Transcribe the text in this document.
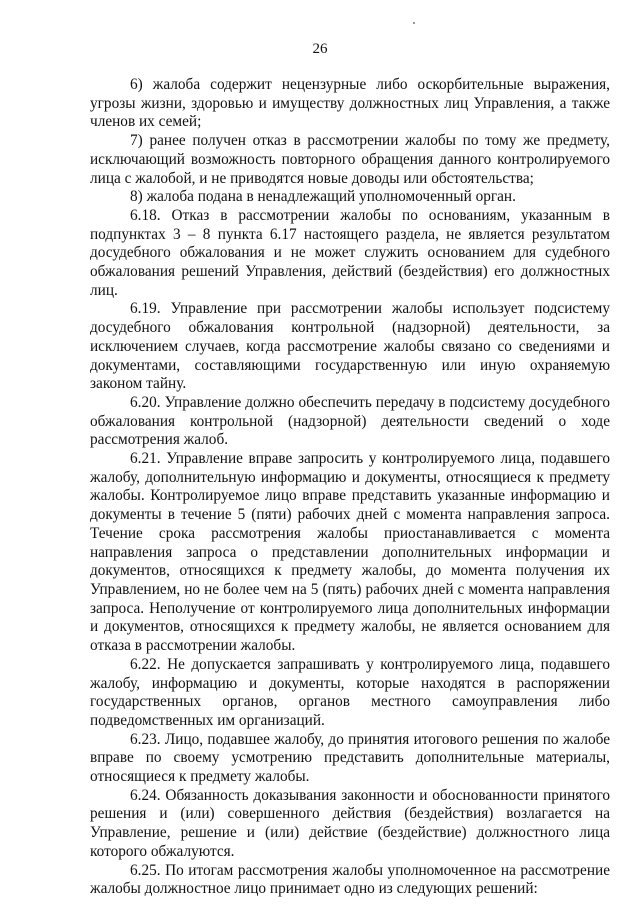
26

6) жалоба содержит нецензурные либо оскорбительные выражения, угрозы жизни, здоровью и имуществу должностных лиц Управления, а также членов их семей;

7) ранее получен отказ в рассмотрении жалобы по тому же предмету, исключающий возможность повторного обращения данного контролируемого лица с жалобой, и не приводятся новые доводы или обстоятельства;

8) жалоба подана в ненадлежащий уполномоченный орган.

6.18. Отказ в рассмотрении жалобы по основаниям, указанным в подпунктах 3 – 8 пункта 6.17 настоящего раздела, не является результатом досудебного обжалования и не может служить основанием для судебного обжалования решений Управления, действий (бездействия) его должностных лиц.

6.19. Управление при рассмотрении жалобы использует подсистему досудебного обжалования контрольной (надзорной) деятельности, за исключением случаев, когда рассмотрение жалобы связано со сведениями и документами, составляющими государственную или иную охраняемую законом тайну.

6.20. Управление должно обеспечить передачу в подсистему досудебного обжалования контрольной (надзорной) деятельности сведений о ходе рассмотрения жалоб.

6.21. Управление вправе запросить у контролируемого лица, подавшего жалобу, дополнительную информацию и документы, относящиеся к предмету жалобы. Контролируемое лицо вправе представить указанные информацию и документы в течение 5 (пяти) рабочих дней с момента направления запроса. Течение срока рассмотрения жалобы приостанавливается с момента направления запроса о представлении дополнительных информации и документов, относящихся к предмету жалобы, до момента получения их Управлением, но не более чем на 5 (пять) рабочих дней с момента направления запроса. Неполучение от контролируемого лица дополнительных информации и документов, относящихся к предмету жалобы, не является основанием для отказа в рассмотрении жалобы.

6.22. Не допускается запрашивать у контролируемого лица, подавшего жалобу, информацию и документы, которые находятся в распоряжении государственных органов, органов местного самоуправления либо подведомственных им организаций.

6.23. Лицо, подавшее жалобу, до принятия итогового решения по жалобе вправе по своему усмотрению представить дополнительные материалы, относящиеся к предмету жалобы.

6.24. Обязанность доказывания законности и обоснованности принятого решения и (или) совершенного действия (бездействия) возлагается на Управление, решение и (или) действие (бездействие) должностного лица которого обжалуются.

6.25. По итогам рассмотрения жалобы уполномоченное на рассмотрение жалобы должностное лицо принимает одно из следующих решений:
